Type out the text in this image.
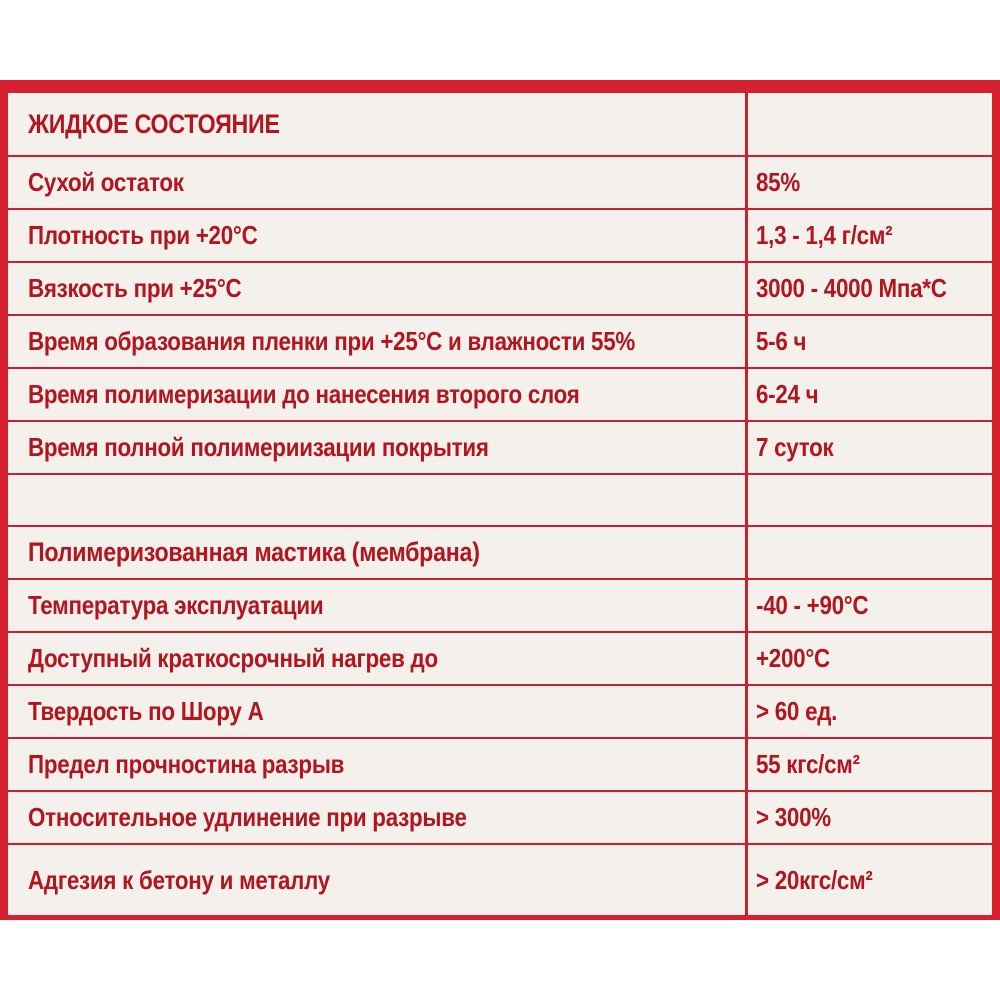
ЖИДКОЕ СОСТОЯНИЕ
Сухой остаток	85%
Плотность при +20°С	1,3 - 1,4 г/см²
Вязкость при +25°С	3000 - 4000 Мпа*С
Время образования пленки при +25°С и влажности 55%	5-6 ч
Время полимеризации до нанесения второго слоя	6-24 ч
Время полной полимериизации покрытия	7 суток
Полимеризованная мастика (мембрана)
Температура эксплуатации	-40 - +90°С
Доступный краткосрочный нагрев до	+200°С
Твердость по Шору А	> 60 ед.
Предел прочностина разрыв	55 кгс/см²
Относительное удлинение при разрыве	> 300%
Адгезия к бетону и металлу	> 20кгс/см²
